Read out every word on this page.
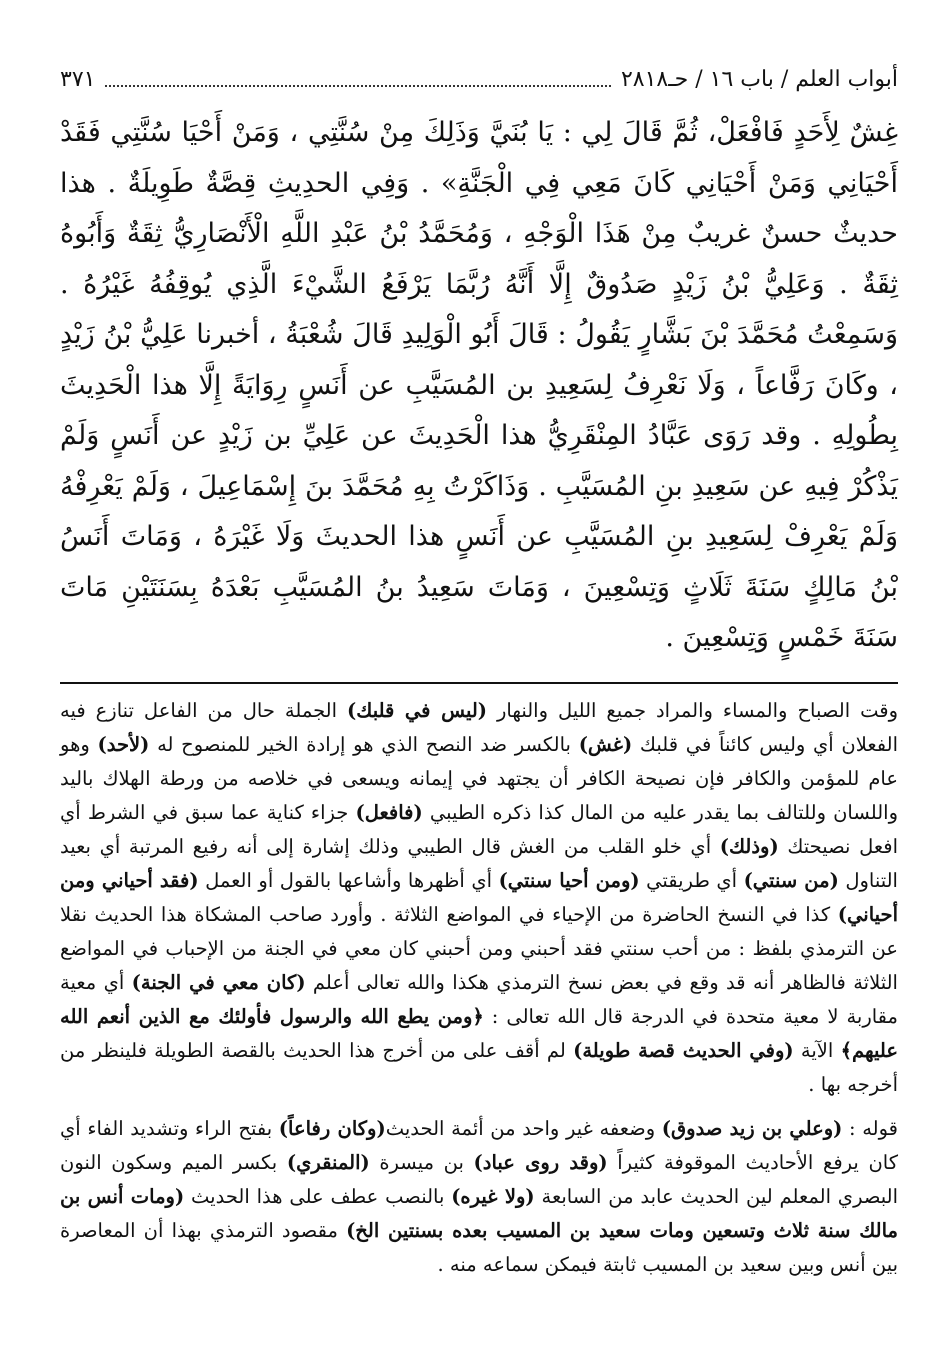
أبواب العلم / باب ١٦ / حـ٢٨١٨
٣٧١

غِشٌ لِأَحَدٍ فَافْعَلْ، ثُمَّ قَالَ لِي : يَا بُنَيَّ وَذَلِكَ مِنْ سُنَّتِي ، وَمَنْ أَحْيَا سُنَّتِي فَقَدْ أَحْيَانِي وَمَنْ أَحْيَانِي كَانَ مَعِي فِي الْجَنَّةِ» . وَفِي الحدِيثِ قِصَّةٌ طَوِيلَةٌ . هذا حديثٌ حسنٌ غريبٌ مِنْ هَذَا الْوَجْهِ ، وَمُحَمَّدُ بْنُ عَبْدِ اللَّهِ الْأَنْصَارِيُّ ثِقَةٌ وَأَبُوهُ ثِقَةٌ . وَعَلِيُّ بْنُ زَيْدٍ صَدُوقٌ إِلَّا أَنَّهُ رُبَّمَا يَرْفَعُ الشَّيْءَ الَّذِي يُوقِفُهُ غَيْرُهُ . وَسَمِعْتُ مُحَمَّدَ بْنَ بَشَّارٍ يَقُولُ : قَالَ أَبُو الْوَلِيدِ قَالَ شُعْبَةُ ، أخبرنا عَلِيُّ بْنُ زَيْدٍ ، وكَانَ رَفَّاعاً ، وَلَا نَعْرِفُ لِسَعِيدِ بن المُسَيَّبِ عن أَنَسٍ رِوَايَةً إِلَّا هذا الْحَدِيثَ بِطُولِهِ . وقد رَوَى عَبَّادُ المِنْقَرِيُّ هذا الْحَدِيثَ عن عَلِيِّ بن زَيْدٍ عن أَنَسٍ وَلَمْ يَذْكُرْ فِيهِ عن سَعِيدِ بنِ المُسَيَّبِ . وَذَاكَرْتُ بِهِ مُحَمَّدَ بنَ إِسْمَاعِيلَ ، وَلَمْ يَعْرِفْهُ وَلَمْ يَعْرِفْ لِسَعِيدِ بنِ المُسَيَّبِ عن أَنَسٍ هذا الحديثَ وَلَا غَيْرَهُ ، وَمَاتَ أَنَسُ بْنُ مَالِكٍ سَنَةَ ثَلَاثٍ وَتِسْعِينَ ، وَمَاتَ سَعِيدُ بنُ المُسَيَّبِ بَعْدَهُ بِسَنَتَيْنِ مَاتَ سَنَةَ خَمْسٍ وَتِسْعِينَ .

وقت الصباح والمساء والمراد جميع الليل والنهار (ليس في قلبك) الجملة حال من الفاعل تنازع فيه الفعلان أي وليس كائناً في قلبك (غش) بالكسر ضد النصح الذي هو إرادة الخير للمنصوح له (لأحد) وهو عام للمؤمن والكافر فإن نصيحة الكافر أن يجتهد في إيمانه ويسعى في خلاصه من ورطة الهلاك باليد واللسان وللتالف بما يقدر عليه من المال كذا ذكره الطيبي (فافعل) جزاء كناية عما سبق في الشرط أي افعل نصيحتك (وذلك) أي خلو القلب من الغش قال الطيبي وذلك إشارة إلى أنه رفيع المرتبة أي بعيد التناول (من سنتي) أي طريقتي (ومن أحيا سنتي) أي أظهرها وأشاعها بالقول أو العمل (فقد أحياني ومن أحياني) كذا في النسخ الحاضرة من الإحياء في المواضع الثلاثة . وأورد صاحب المشكاة هذا الحديث نقلا عن الترمذي بلفظ : من أحب سنتي فقد أحبني ومن أحبني كان معي في الجنة من الإحباب في المواضع الثلاثة فالظاهر أنه قد وقع في بعض نسخ الترمذي هكذا والله تعالى أعلم (كان معي في الجنة) أي معية مقاربة لا معية متحدة في الدرجة قال الله تعالى : ﴿ومن يطع الله والرسول فأولئك مع الذين أنعم الله عليهم﴾ الآية (وفي الحديث قصة طويلة) لم أقف على من أخرج هذا الحديث بالقصة الطويلة فلينظر من أخرجه بها .

قوله : (وعلي بن زيد صدوق) وضعفه غير واحد من أئمة الحديث(وكان رفاعاً) بفتح الراء وتشديد الفاء أي كان يرفع الأحاديث الموقوفة كثيراً (وقد روى عباد) بن ميسرة (المنقري) بكسر الميم وسكون النون البصري المعلم لين الحديث عابد من السابعة (ولا غيره) بالنصب عطف على هذا الحديث (ومات أنس بن مالك سنة ثلاث وتسعين ومات سعيد بن المسيب بعده بسنتين الخ) مقصود الترمذي بهذا أن المعاصرة بين أنس وبين سعيد بن المسيب ثابتة فيمكن سماعه منه .
